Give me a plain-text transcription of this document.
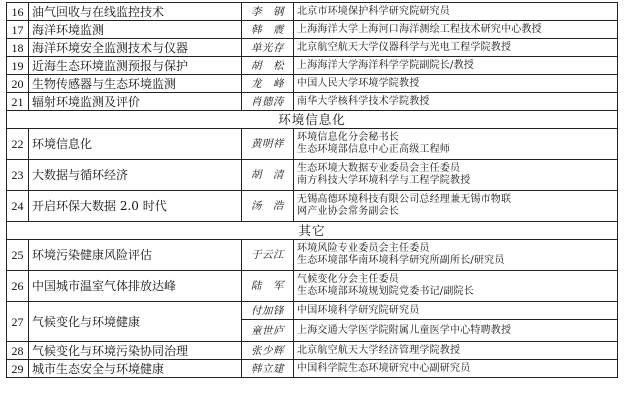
16	油气回收与在线监控技术	李　钢	北京市环境保护科学研究院研究员
17	海洋环境监测	韩　震	上海海洋大学上海河口海洋测绘工程技术研究中心教授
18	海洋环境安全监测技术与仪器	单光存	北京航空航天大学仪器科学与光电工程学院教授
19	近海生态环境监测预报与保护	胡　松	上海海洋大学海洋科学学院副院长/教授
20	生物传感器与生态环境监测	龙　峰	中国人民大学环境学院教授
21	辐射环境监测及评价	肖德涛	南华大学核科学技术学院教授
环境信息化			
22	环境信息化	黄明祥	环境信息化分会秘书长
生态环境部信息中心正高级工程师

23	大数据与循环经济	胡　清	生态环境大数据专业委员会主任委员
南方科技大学环境科学与工程学院教授

24	开启环保大数据 2.0 时代	汤　浩	无锡高德环境科技有限公司总经理兼无锡市物联
网产业协会常务副会长

其它			
25	环境污染健康风险评估	于云江	环境风险专业委员会主任委员
生态环境部华南环境科学研究所副所长/研究员

26	中国城市温室气体排放达峰	陆　军	气候变化分会主任委员
生态环境部环境规划院党委书记/副院长

27	气候变化与环境健康	付加锋	中国环境科学研究院研究员
		童世庐	上海交通大学医学院附属儿童医学中心特聘教授
28	气候变化与环境污染协同治理	张少辉	北京航空航天大学经济管理学院教授
29	城市生态安全与环境健康	韩立建	中国科学院生态环境研究中心副研究员
